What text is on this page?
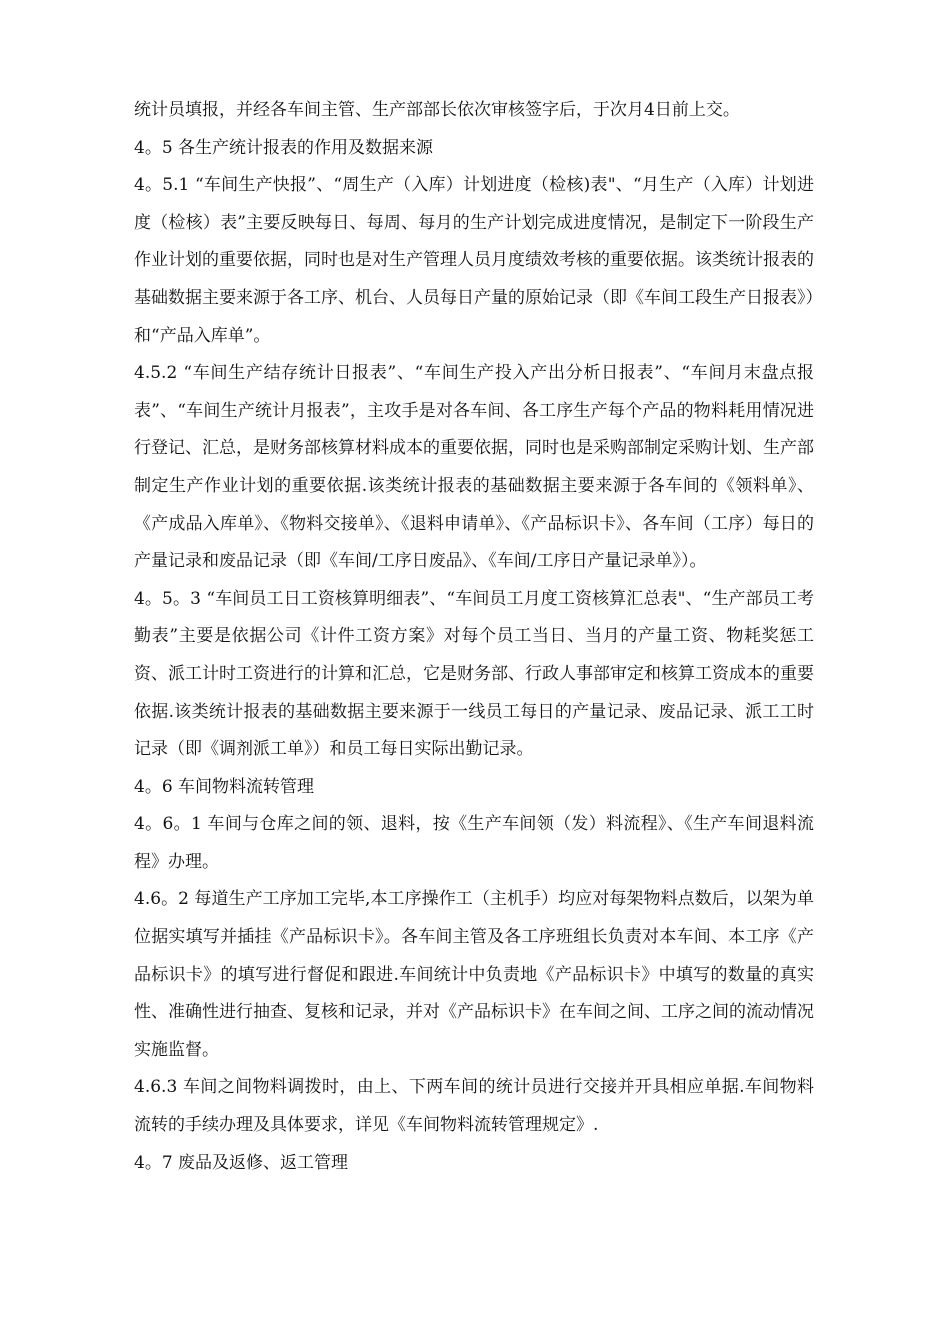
统计员填报，并经各车间主管、生产部部长依次审核签字后，于次月4日前上交。

4。5 各生产统计报表的作用及数据来源

4。5.1 “车间生产快报”、“周生产（入库）计划进度（检核)表"、“月生产（入库）计划进度（检核）表”主要反映每日、每周、每月的生产计划完成进度情况，是制定下一阶段生产作业计划的重要依据，同时也是对生产管理人员月度绩效考核的重要依据。该类统计报表的基础数据主要来源于各工序、机台、人员每日产量的原始记录（即《车间工段生产日报表》）和“产品入库单”。

4.5.2 “车间生产结存统计日报表”、“车间生产投入产出分析日报表”、“车间月末盘点报表”、“车间生产统计月报表”，主攻手是对各车间、各工序生产每个产品的物料耗用情况进行登记、汇总，是财务部核算材料成本的重要依据，同时也是采购部制定采购计划、生产部制定生产作业计划的重要依据.该类统计报表的基础数据主要来源于各车间的《领料单》、《产成品入库单》、《物料交接单》、《退料申请单》、《产品标识卡》、各车间（工序）每日的产量记录和废品记录（即《车间/工序日废品》、《车间/工序日产量记录单》）。

4。5。3 “车间员工日工资核算明细表”、“车间员工月度工资核算汇总表"、“生产部员工考勤表”主要是依据公司《计件工资方案》对每个员工当日、当月的产量工资、物耗奖惩工资、派工计时工资进行的计算和汇总，它是财务部、行政人事部审定和核算工资成本的重要依据.该类统计报表的基础数据主要来源于一线员工每日的产量记录、废品记录、派工工时记录（即《调剂派工单》）和员工每日实际出勤记录。

4。6 车间物料流转管理

4。6。1 车间与仓库之间的领、退料，按《生产车间领（发）料流程》、《生产车间退料流程》办理。

4.6。2 每道生产工序加工完毕,本工序操作工（主机手）均应对每架物料点数后，以架为单位据实填写并插挂《产品标识卡》。各车间主管及各工序班组长负责对本车间、本工序《产品标识卡》的填写进行督促和跟进.车间统计中负责地《产品标识卡》中填写的数量的真实性、准确性进行抽查、复核和记录，并对《产品标识卡》在车间之间、工序之间的流动情况实施监督。

4.6.3 车间之间物料调拨时，由上、下两车间的统计员进行交接并开具相应单据.车间物料流转的手续办理及具体要求，详见《车间物料流转管理规定》.

4。7 废品及返修、返工管理
